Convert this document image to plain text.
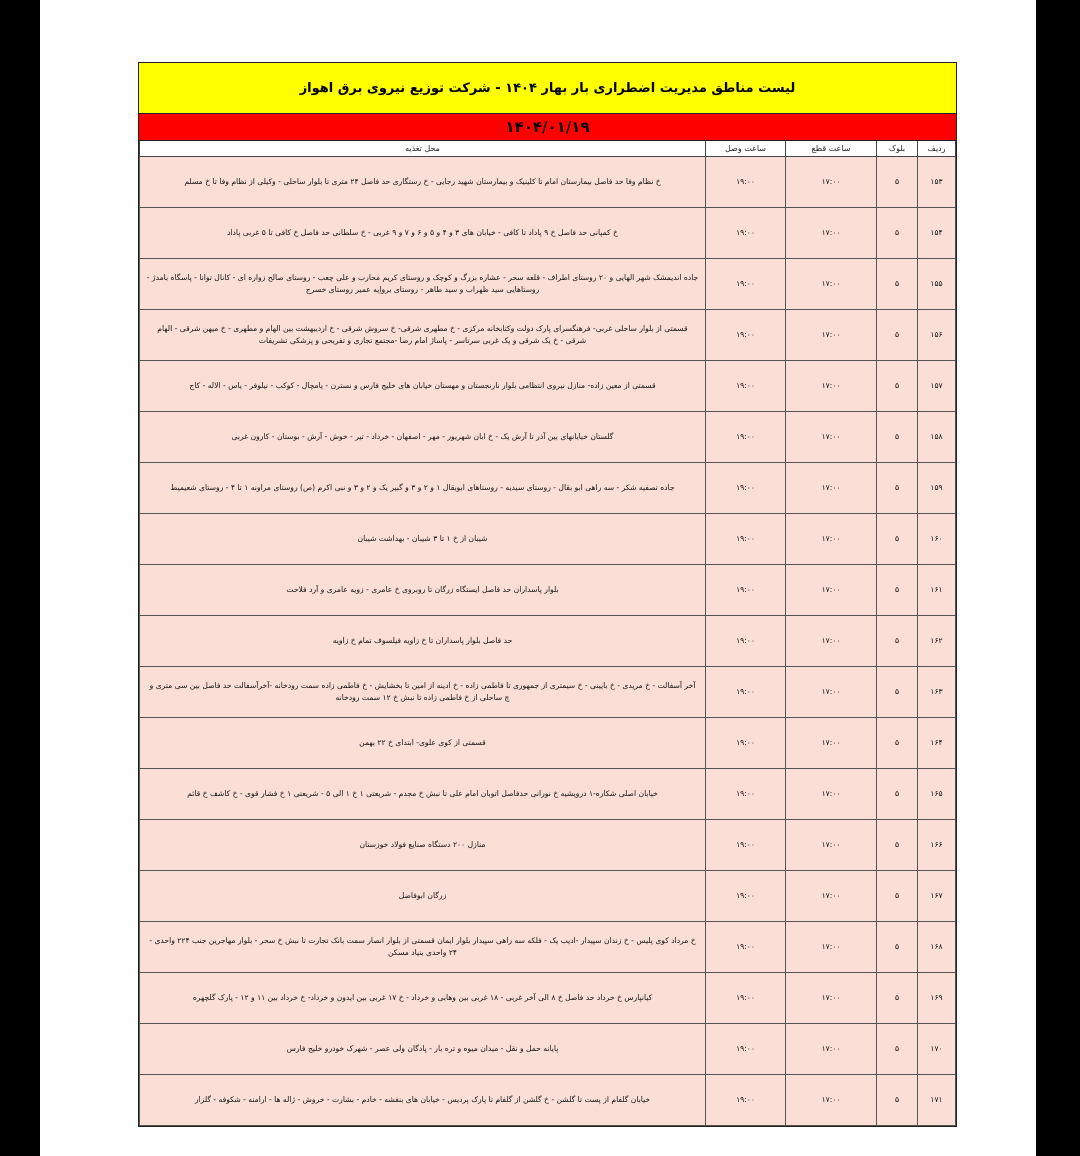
لیست مناطق مدیریت اضطراری بار بهار ۱۴۰۴ - شرکت توزیع نیروی برق اهواز
۱۴۰۴/۰۱/۱۹
ردیف	بلوک	ساعت قطع	ساعت وصل	محل تغذیه
۱۵۳	۵	۱۷:۰۰	۱۹:۰۰	خ نظام وفا حد فاصل بیمارستان امام تا کلینیک و بیمارستان شهید رجایی - خ رستگاری حد فاصل ۲۴ متری تا بلوار ساحلی - وکیلی از نظام وفا تا خ مسلم
۱۵۴	۵	۱۷:۰۰	۱۹:۰۰	خ کمپانی حد فاصل خ ۹ پاداد تا کافی - خیابان های ۳ و ۴ و ۵ و ۶ و ۷ و ۹ غربی - خ سلطانی حد فاصل خ کافی تا ۵ غربی پاداد
۱۵۵	۵	۱۷:۰۰	۱۹:۰۰	جاده اندیمشک شهر الهایی و ۲۰ روستای اطراف - قلعه سحر - عشاره بزرگ و کوچک و روستای کریم محارب و علی چعب - روستای صالح زواره ای - کانال توانا - پاسگاه بامدژ - روستاهایی سید ظهراب و سید طاهر - روستای برواِیه عمیر روستای خسرج
۱۵۶	۵	۱۷:۰۰	۱۹:۰۰	قسمتی از بلوار ساحلی غربی- فرهنگسرای پارک دولت وکتابخانه مرکزی - خ مطهری شرقی- خ سروش شرقی - خ اردیبهشت بین الهام و مطهری - خ میهن شرقی - الهام شرقی - خ یک شرقی و یک غربی سرتاسر - پاساژ امام رضا -مجتمع تجاری و تفریحی و پزشکی تشریفات
۱۵۷	۵	۱۷:۰۰	۱۹:۰۰	قسمتی از معین زاده- منازل نیروی انتظامی بلوار نارنجستان و مهستان خیابان های خلیج فارس و نسترن - یامچال - کوکب - نیلوفر - یاس - الاله - کاج
۱۵۸	۵	۱۷:۰۰	۱۹:۰۰	گلستان خیابانهای بین آذر تا آرش یک - خ ابان شهریور - مهر - اصفهان - خرداد - تیر - خوش - آرش - بوستان - کارون غربی
۱۵۹	۵	۱۷:۰۰	۱۹:۰۰	جاده تصفیه شکر - سه راهی ابو بقال - روستای سیدیه - روستاهای ابوبقال ۱ و ۲ و ۳ و گبیر یک و ۲ و ۳ و نبی اکرم (ص) روستای مراونه ۱ تا ۴ - روستای شعیمیط
۱۶۰	۵	۱۷:۰۰	۱۹:۰۰	شیبان از خ ۱ تا ۳ شیبان - بهداشت شیبان
۱۶۱	۵	۱۷:۰۰	۱۹:۰۰	بلوار پاسداران حد فاصل ایستگاه زرگان تا روبروی خ عامری - زویه عامری و آرد فلاحت
۱۶۲	۵	۱۷:۰۰	۱۹:۰۰	حد فاصل بلوار پاسداران تا خ زاویه فیلسوف تمام خ زاویه
۱۶۳	۵	۱۷:۰۰	۱۹:۰۰	آخر آسفالت - خ مریدی - خ بایینی - خ سیمتری از جمهوری تا فاطمی زاده - خ ادینه از امین تا بخشایش - خ فاطمی زاده سمت رودخانه -آخرآسفالت حد فاصل بین سی متری و چ ساحلی از خ فاطمی زاده تا نبش خ ۱۲ سمت رودخانه
۱۶۴	۵	۱۷:۰۰	۱۹:۰۰	قسمتی از کوی علوی- ابتدای خ ۲۲ بهمن
۱۶۵	۵	۱۷:۰۰	۱۹:۰۰	خیابان اصلی شکاره-۱ درویشیه خ نورانی حدفاصل اتوبان امام علی تا نبش خ مجدم - شریعتی ۱ خ ۱ الی ۵ - شریعتی ۱ خ فشار قوی - خ کاشف خ قائم
۱۶۶	۵	۱۷:۰۰	۱۹:۰۰	منازل ۲۰۰ دستگاه صنایع فولاد خوزستان
۱۶۷	۵	۱۷:۰۰	۱۹:۰۰	زرگان ابوفاضل
۱۶۸	۵	۱۷:۰۰	۱۹:۰۰	خ مرداد کوی پلیس - خ زندان سپیدار -ادیب یک - فلکه سه راهی سپیدار بلوار ایمان قسمتی از بلوار انصار سمت بانک تجارت تا نبش خ سحر - بلوار مهاجرین جنب ۲۲۴ واحدی - ۲۴ واحدی بنیاد مسکن
۱۶۹	۵	۱۷:۰۰	۱۹:۰۰	کیانپارس خ خرداد حد فاصل خ ۸ الی آخر غربی - ۱۸ غربی بین وهابی و خرداد - خ ۱۷ غربی بین ایدون و خرداد- خ خرداد بین ۱۱ و ۱۲ - پارک گلچهره
۱۷۰	۵	۱۷:۰۰	۱۹:۰۰	پایانه حمل و نقل - میدان میوه و تره بار - پادگان ولی عصر - شهرک خودرو خلیج فارس
۱۷۱	۵	۱۷:۰۰	۱۹:۰۰	خیابان گلفام از پست تا گلشن - خ گلشن از گلفام تا پارک پردیس - خیابان های بنفشه - خادم - بشارت - خروش - ژاله ها - ارامنه - شکوفه - گلزار
